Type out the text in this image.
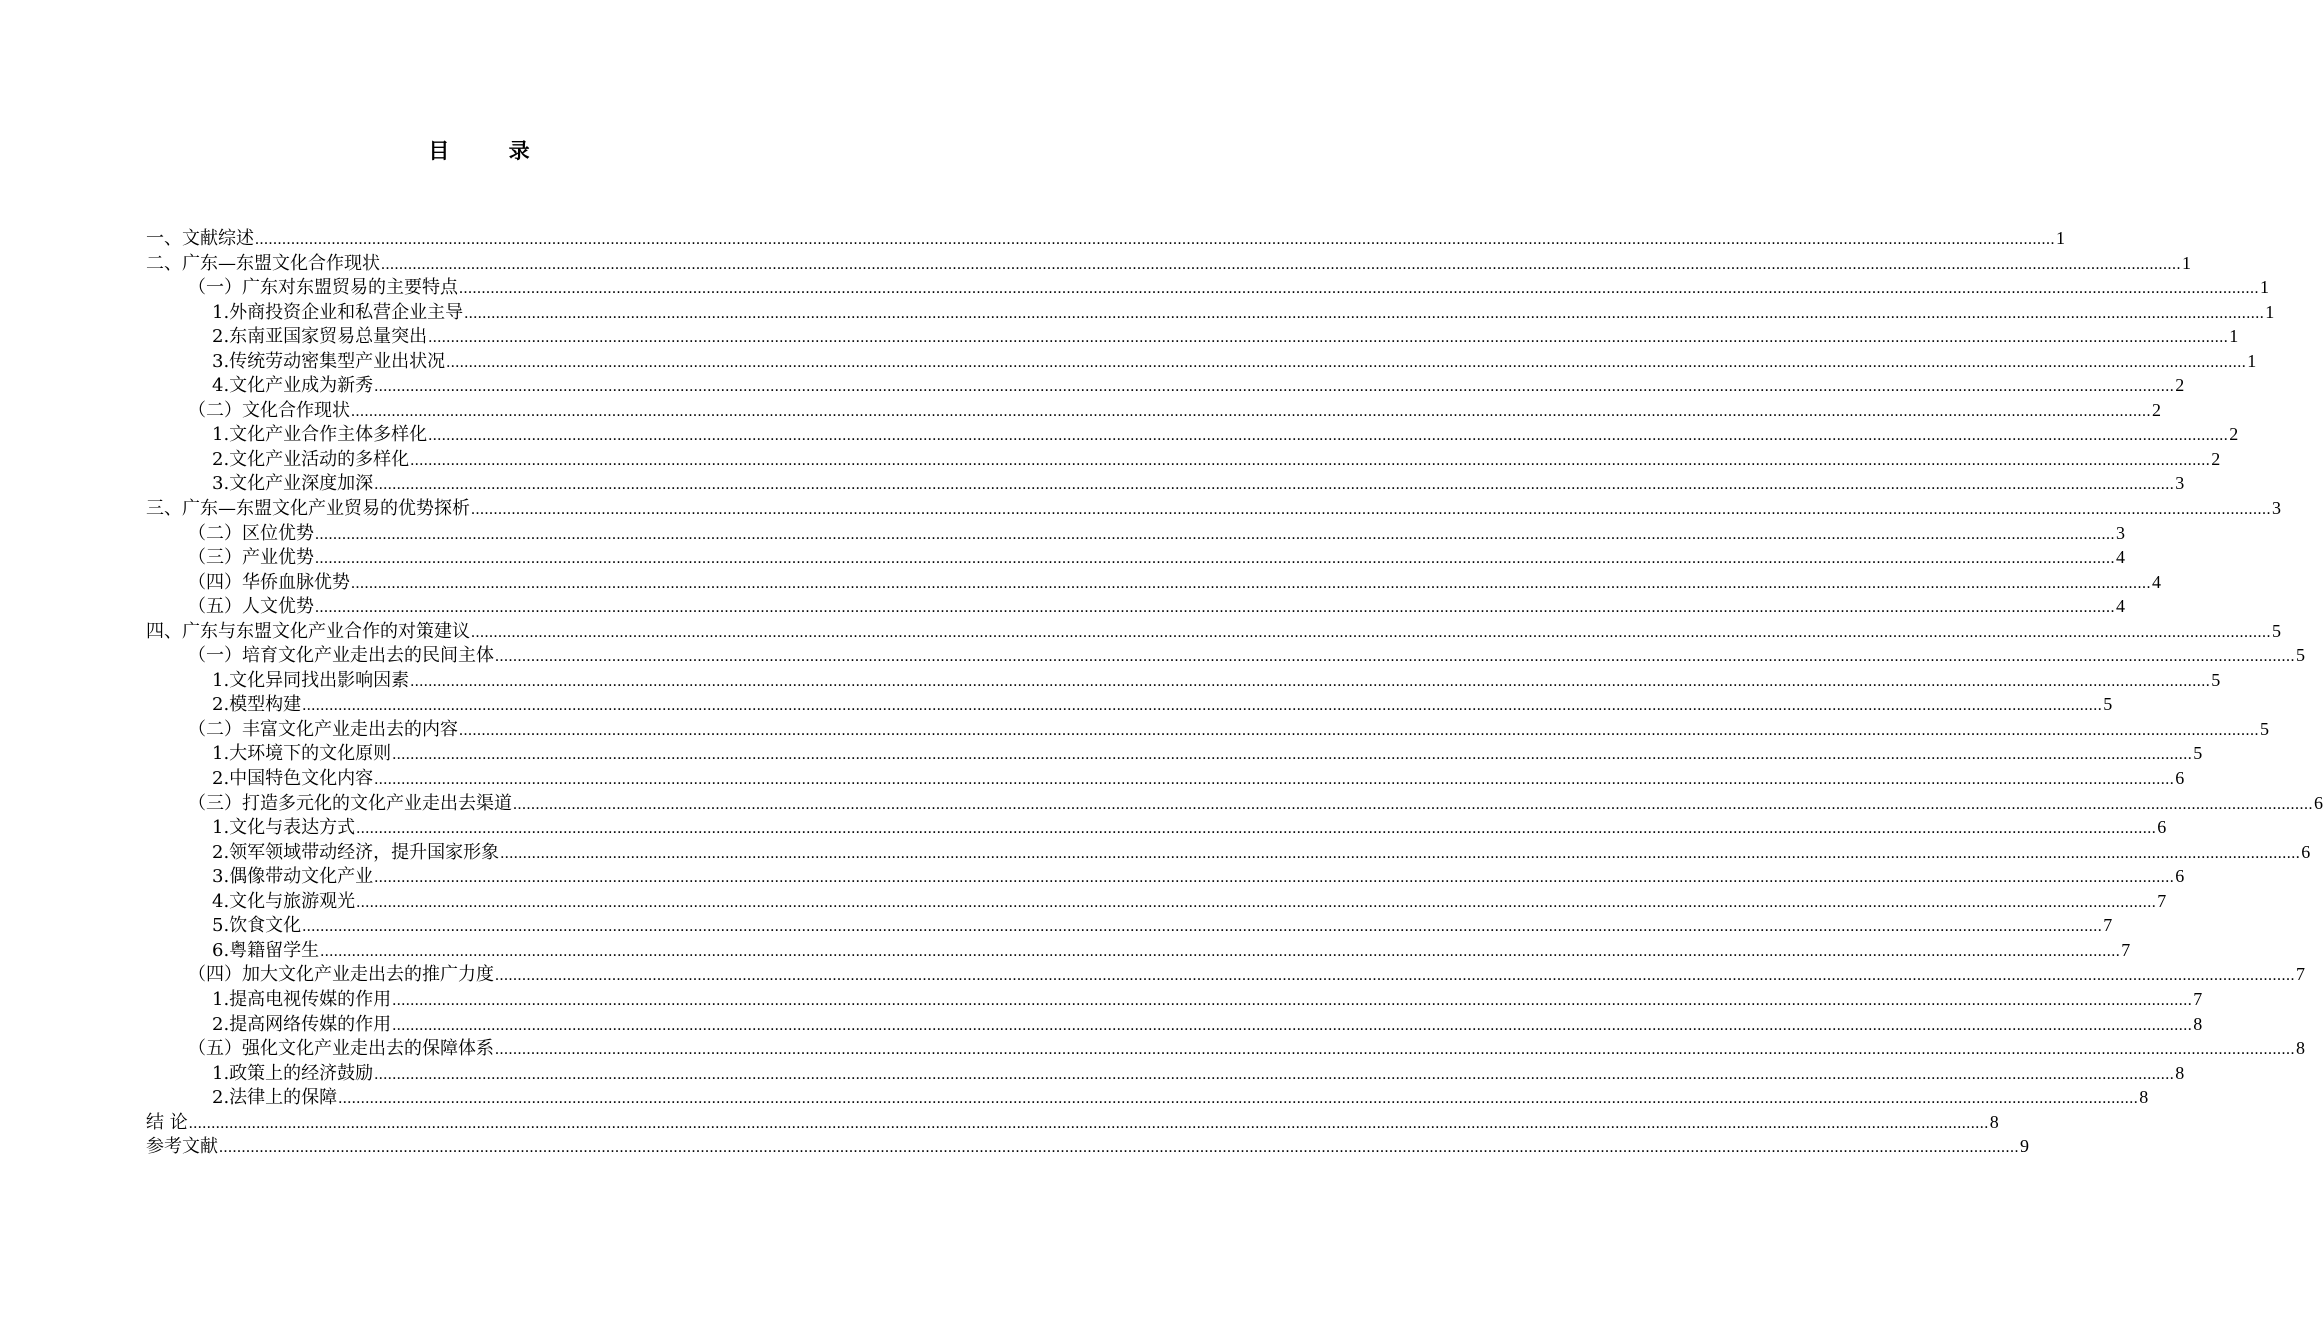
目 录
一、文献综述 ................................................................................................................................................................................................................................................................................................................................................................................................................ 1
二、广东—东盟文化合作现状 ................................................................................................................................................................................................................................................................................................................................................................................................................ 1
（一）广东对东盟贸易的主要特点 ................................................................................................................................................................................................................................................................................................................................................................................................................ 1
1.外商投资企业和私营企业主导 ................................................................................................................................................................................................................................................................................................................................................................................................................ 1
2.东南亚国家贸易总量突出 ................................................................................................................................................................................................................................................................................................................................................................................................................ 1
3.传统劳动密集型产业出状况 ................................................................................................................................................................................................................................................................................................................................................................................................................ 1
4.文化产业成为新秀 ................................................................................................................................................................................................................................................................................................................................................................................................................ 2
（二）文化合作现状 ................................................................................................................................................................................................................................................................................................................................................................................................................ 2
1.文化产业合作主体多样化 ................................................................................................................................................................................................................................................................................................................................................................................................................ 2
2.文化产业活动的多样化 ................................................................................................................................................................................................................................................................................................................................................................................................................ 2
3.文化产业深度加深 ................................................................................................................................................................................................................................................................................................................................................................................................................ 3
三、广东—东盟文化产业贸易的优势探析 ................................................................................................................................................................................................................................................................................................................................................................................................................ 3
（二）区位优势 ................................................................................................................................................................................................................................................................................................................................................................................................................ 3
（三）产业优势 ................................................................................................................................................................................................................................................................................................................................................................................................................ 4
（四）华侨血脉优势 ................................................................................................................................................................................................................................................................................................................................................................................................................ 4
（五）人文优势 ................................................................................................................................................................................................................................................................................................................................................................................................................ 4
四、广东与东盟文化产业合作的对策建议 ................................................................................................................................................................................................................................................................................................................................................................................................................ 5
（一）培育文化产业走出去的民间主体 ................................................................................................................................................................................................................................................................................................................................................................................................................ 5
1.文化异同找出影响因素 ................................................................................................................................................................................................................................................................................................................................................................................................................ 5
2.模型构建 ................................................................................................................................................................................................................................................................................................................................................................................................................ 5
（二）丰富文化产业走出去的内容 ................................................................................................................................................................................................................................................................................................................................................................................................................ 5
1.大环境下的文化原则 ................................................................................................................................................................................................................................................................................................................................................................................................................ 5
2.中国特色文化内容 ................................................................................................................................................................................................................................................................................................................................................................................................................ 6
（三）打造多元化的文化产业走出去渠道 ................................................................................................................................................................................................................................................................................................................................................................................................................ 6
1.文化与表达方式 ................................................................................................................................................................................................................................................................................................................................................................................................................ 6
2.领军领域带动经济，提升国家形象 ................................................................................................................................................................................................................................................................................................................................................................................................................ 6
3.偶像带动文化产业 ................................................................................................................................................................................................................................................................................................................................................................................................................ 6
4.文化与旅游观光 ................................................................................................................................................................................................................................................................................................................................................................................................................ 7
5.饮食文化 ................................................................................................................................................................................................................................................................................................................................................................................................................ 7
6.粤籍留学生 ................................................................................................................................................................................................................................................................................................................................................................................................................ 7
（四）加大文化产业走出去的推广力度 ................................................................................................................................................................................................................................................................................................................................................................................................................ 7
1.提高电视传媒的作用 ................................................................................................................................................................................................................................................................................................................................................................................................................ 7
2.提高网络传媒的作用 ................................................................................................................................................................................................................................................................................................................................................................................................................ 8
（五）强化文化产业走出去的保障体系 ................................................................................................................................................................................................................................................................................................................................................................................................................ 8
1.政策上的经济鼓励 ................................................................................................................................................................................................................................................................................................................................................................................................................ 8
2.法律上的保障 ................................................................................................................................................................................................................................................................................................................................................................................................................ 8
结 论 ................................................................................................................................................................................................................................................................................................................................................................................................................ 8
参考文献 ................................................................................................................................................................................................................................................................................................................................................................................................................ 9
